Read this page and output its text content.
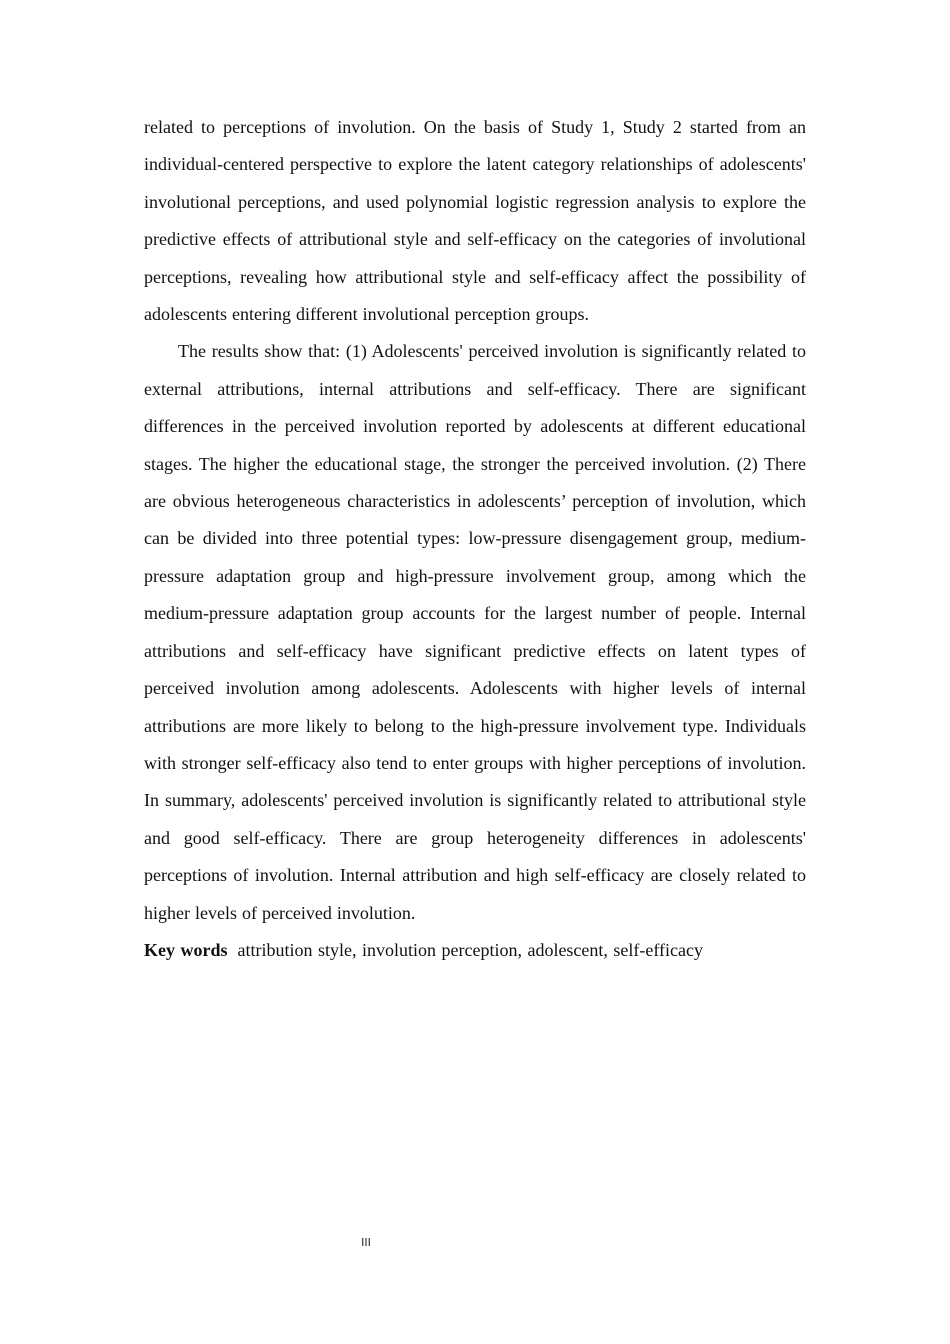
related to perceptions of involution. On the basis of Study 1, Study 2 started from an individual-centered perspective to explore the latent category relationships of adolescents' involutional perceptions, and used polynomial logistic regression analysis to explore the predictive effects of attributional style and self-efficacy on the categories of involutional perceptions, revealing how attributional style and self-efficacy affect the possibility of adolescents entering different involutional perception groups.

The results show that: (1) Adolescents' perceived involution is significantly related to external attributions, internal attributions and self-efficacy. There are significant differences in the perceived involution reported by adolescents at different educational stages. The higher the educational stage, the stronger the perceived involution. (2) There are obvious heterogeneous characteristics in adolescents’ perception of involution, which can be divided into three potential types: low-pressure disengagement group, medium-pressure adaptation group and high-pressure involvement group, among which the medium-pressure adaptation group accounts for the largest number of people. Internal attributions and self-efficacy have significant predictive effects on latent types of perceived involution among adolescents. Adolescents with higher levels of internal attributions are more likely to belong to the high-pressure involvement type. Individuals with stronger self-efficacy also tend to enter groups with higher perceptions of involution. In summary, adolescents' perceived involution is significantly related to attributional style and good self-efficacy. There are group heterogeneity differences in adolescents' perceptions of involution. Internal attribution and high self-efficacy are closely related to higher levels of perceived involution.

Key words attribution style, involution perception, adolescent, self-efficacy

III
